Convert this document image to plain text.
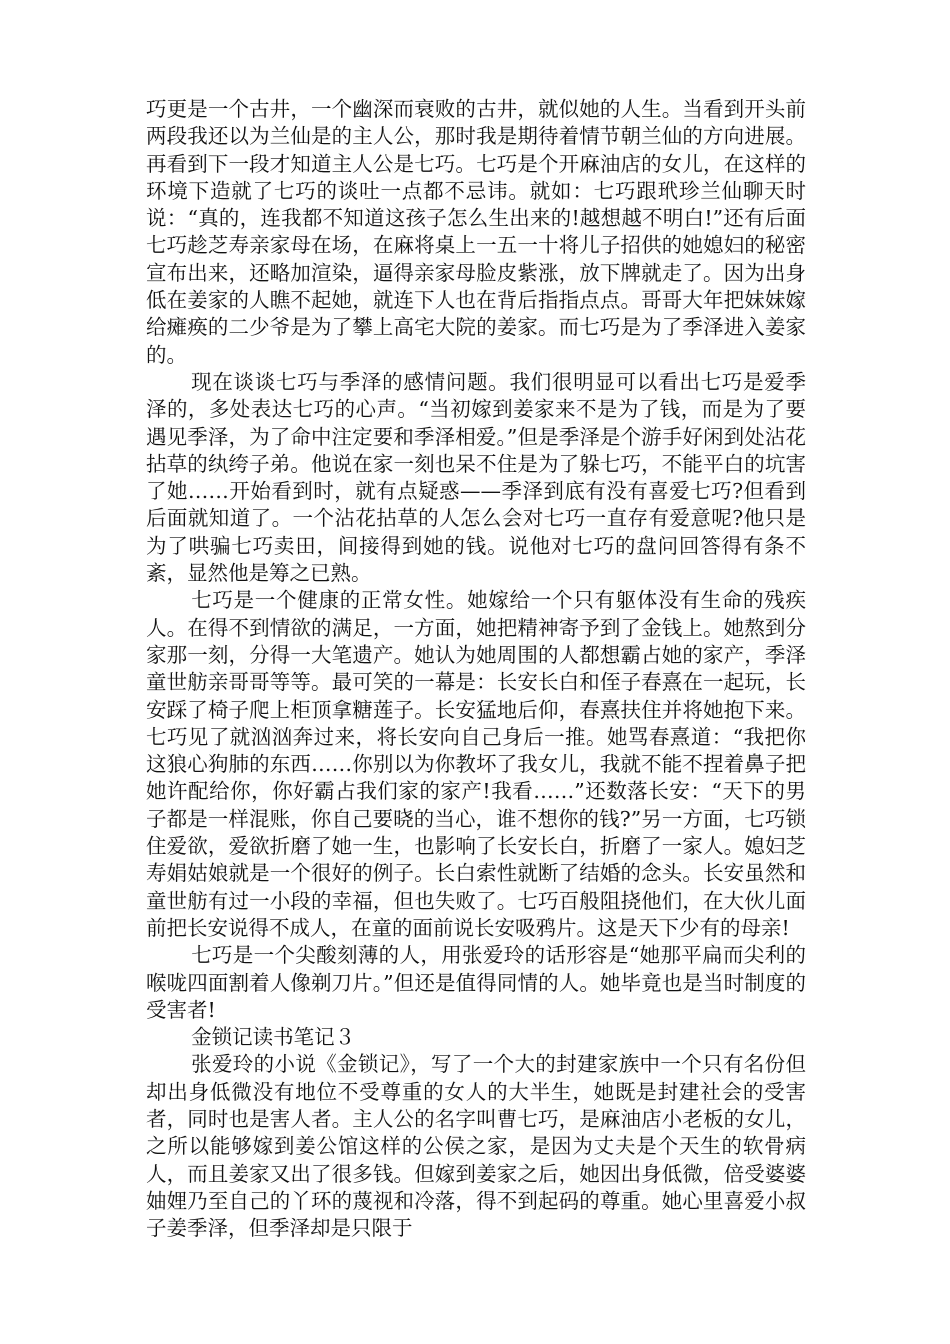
巧更是一个古井，一个幽深而衰败的古井，就似她的人生。当看到开头前两段我还以为兰仙是的主人公，那时我是期待着情节朝兰仙的方向进展。再看到下一段才知道主人公是七巧。七巧是个开麻油店的女儿，在这样的环境下造就了七巧的谈吐一点都不忌讳。就如：七巧跟玳珍兰仙聊天时说：“真的，连我都不知道这孩子怎么生出来的!越想越不明白!”还有后面七巧趁芝寿亲家母在场，在麻将桌上一五一十将儿子招供的她媳妇的秘密宣布出来，还略加渲染，逼得亲家母脸皮紫涨，放下牌就走了。因为出身低在姜家的人瞧不起她，就连下人也在背后指指点点。哥哥大年把妹妹嫁给瘫痪的二少爷是为了攀上高宅大院的姜家。而七巧是为了季泽进入姜家的。

现在谈谈七巧与季泽的感情问题。我们很明显可以看出七巧是爱季泽的，多处表达七巧的心声。“当初嫁到姜家来不是为了钱，而是为了要遇见季泽，为了命中注定要和季泽相爱。”但是季泽是个游手好闲到处沾花拈草的纨绔子弟。他说在家一刻也呆不住是为了躲七巧，不能平白的坑害了她……开始看到时，就有点疑惑——季泽到底有没有喜爱七巧?但看到后面就知道了。一个沾花拈草的人怎么会对七巧一直存有爱意呢?他只是为了哄骗七巧卖田，间接得到她的钱。说他对七巧的盘问回答得有条不紊，显然他是筹之已熟。

七巧是一个健康的正常女性。她嫁给一个只有躯体没有生命的残疾人。在得不到情欲的满足，一方面，她把精神寄予到了金钱上。她熬到分家那一刻，分得一大笔遗产。她认为她周围的人都想霸占她的家产，季泽童世舫亲哥哥等等。最可笑的一幕是：长安长白和侄子春熹在一起玩，长安踩了椅子爬上柜顶拿糖莲子。长安猛地后仰，春熹扶住并将她抱下来。七巧见了就汹汹奔过来，将长安向自己身后一推。她骂春熹道：“我把你这狼心狗肺的东西……你别以为你教坏了我女儿，我就不能不捏着鼻子把她许配给你，你好霸占我们家的家产!我看……”还数落长安：“天下的男子都是一样混账，你自己要晓的当心，谁不想你的钱?”另一方面，七巧锁住爱欲，爱欲折磨了她一生，也影响了长安长白，折磨了一家人。媳妇芝寿娟姑娘就是一个很好的例子。长白索性就断了结婚的念头。长安虽然和童世舫有过一小段的幸福，但也失败了。七巧百般阻挠他们，在大伙儿面前把长安说得不成人，在童的面前说长安吸鸦片。这是天下少有的母亲!

七巧是一个尖酸刻薄的人，用张爱玲的话形容是“她那平扁而尖利的喉咙四面割着人像剃刀片。”但还是值得同情的人。她毕竟也是当时制度的受害者!

金锁记读书笔记３

张爱玲的小说《金锁记》，写了一个大的封建家族中一个只有名份但却出身低微没有地位不受尊重的女人的大半生，她既是封建社会的受害者，同时也是害人者。主人公的名字叫曹七巧，是麻油店小老板的女儿，之所以能够嫁到姜公馆这样的公侯之家，是因为丈夫是个天生的软骨病人，而且姜家又出了很多钱。但嫁到姜家之后，她因出身低微，倍受婆婆妯娌乃至自己的丫环的蔑视和冷落，得不到起码的尊重。她心里喜爱小叔子姜季泽，但季泽却是只限于
